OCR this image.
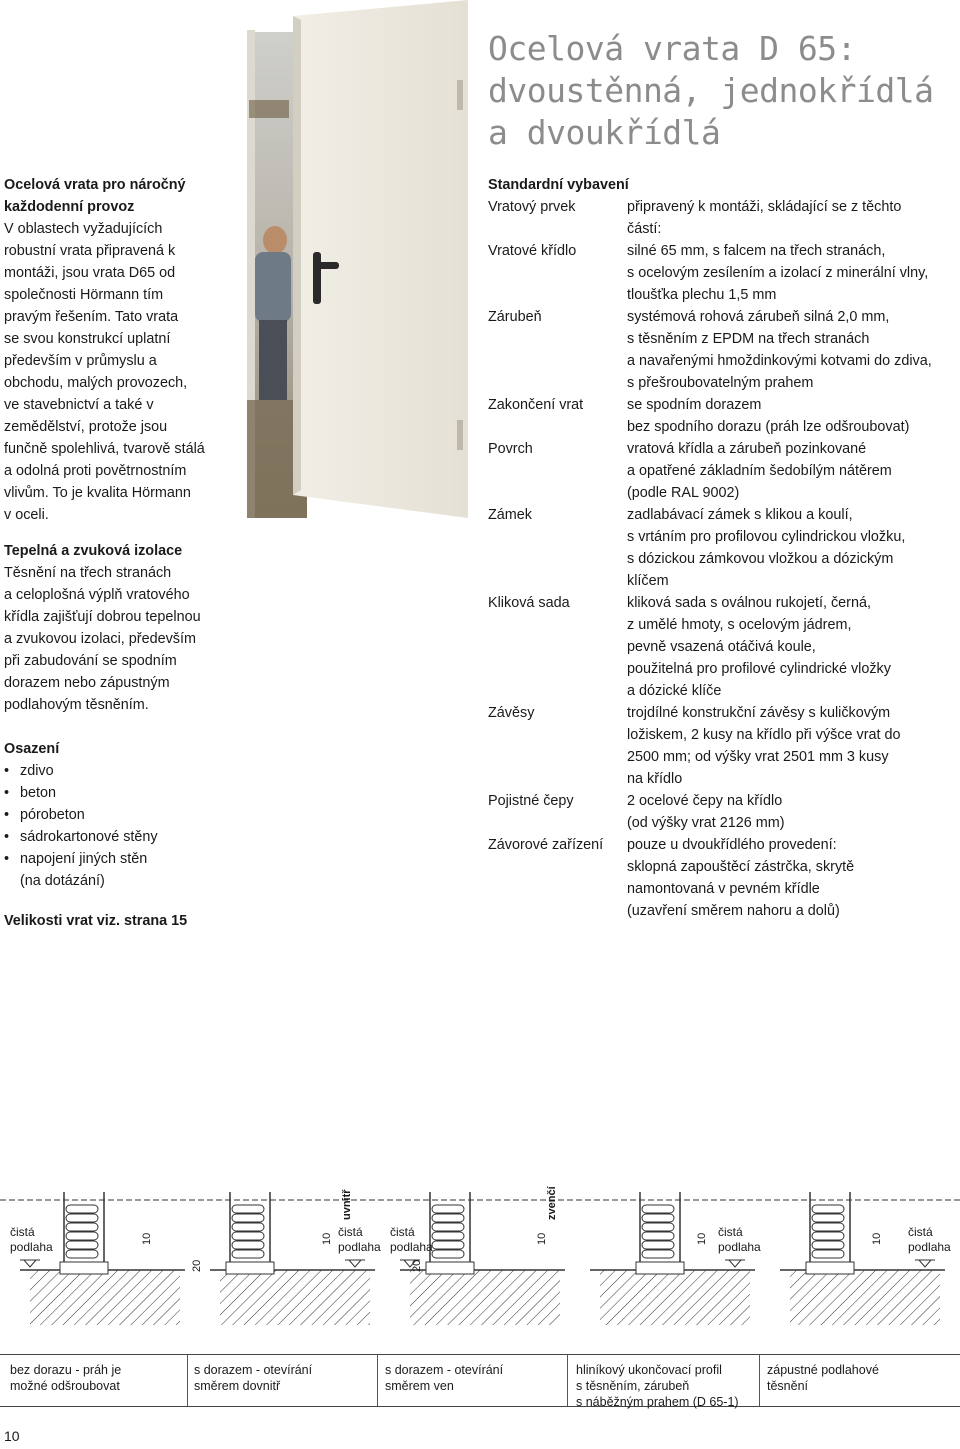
Ocelová vrata D 65:
dvoustěnná, jednokřídlá
a dvoukřídlá
Ocelová vrata pro náročný
každodenní provoz
V oblastech vyžadujících
robustní vrata připravená k
montáži, jsou vrata D65 od
společnosti Hörmann tím
pravým řešením. Tato vrata
se svou konstrukcí uplatní
především v průmyslu a
obchodu, malých provozech,
ve stavebnictví a také v
zemědělství, protože jsou
funčně spolehlivá, tvarově stálá
a odolná proti povětrnostním
vlivům. To je kvalita Hörmann
v oceli.
Tepelná a zvuková izolace
Těsnění na třech stranách
a celoplošná výplň vratového
křídla zajišťují dobrou tepelnou
a zvukovou izolaci, především
při zabudování se spodním
dorazem nebo zápustným
podlahovým těsněním.
Osazení
• zdivo
• beton
• pórobeton
• sádrokartonové stěny
• napojení jiných stěn
(na dotázání)
Velikosti vrat viz. strana 15
Standardní vybavení
Vratový prvek	připravený k montáži, skládající se z těchto
částí:

Vratové křídlo	silné 65 mm, s falcem na třech stranách,
s ocelovým zesílením a izolací z minerální vlny,
tloušťka plechu 1,5 mm

Zárubeň	systémová rohová zárubeň silná 2,0 mm,
s těsněním z EPDM na třech stranách
a navařenými hmoždinkovými kotvami do zdiva,
s přešroubovatelným prahem

Zakončení vrat	se spodním dorazem
bez spodního dorazu (práh lze odšroubovat)

Povrch	vratová křídla a zárubeň pozinkované
a opatřené základním šedobílým nátěrem
(podle RAL 9002)

Zámek	zadlabávací zámek s klikou a koulí,
s vrtáním pro profilovou cylindrickou vložku,
s dózickou zámkovou vložkou a dózickým
klíčem

Kliková sada	kliková sada s oválnou rukojetí, černá,
z umělé hmoty, s ocelovým jádrem,
pevně vsazená otáčivá koule,
použitelná pro profilové cylindrické vložky
a dózické klíče

Závěsy	trojdílné konstrukční závěsy s kuličkovým
ložiskem, 2 kusy na křídlo při výšce vrat do
2500 mm; od výšky vrat 2501 mm 3 kusy
na křídlo

Pojistné čepy	2 ocelové čepy na křídlo
(od výšky vrat 2126 mm)

Závorové zařízení	pouze u dvoukřídlého provedení:
sklopná zapouštěcí zástrčka, skrytě
namontovaná v pevném křídle
(uzavření směrem nahoru a dolů)
čistá
podlaha
10	čistá
podlaha
10
20
uvnitř
čistá
podlaha
10
20
zvenčí
čistá
podlaha
10	čistá
podlaha
10
bez dorazu - práh je
možné odšroubovat
s dorazem - otevírání
směrem dovnitř
s dorazem - otevírání
směrem ven
hliníkový ukončovací profil
s těsněním, zárubeň
s náběžným prahem (D 65-1)
zápustné podlahové
těsnění
10
